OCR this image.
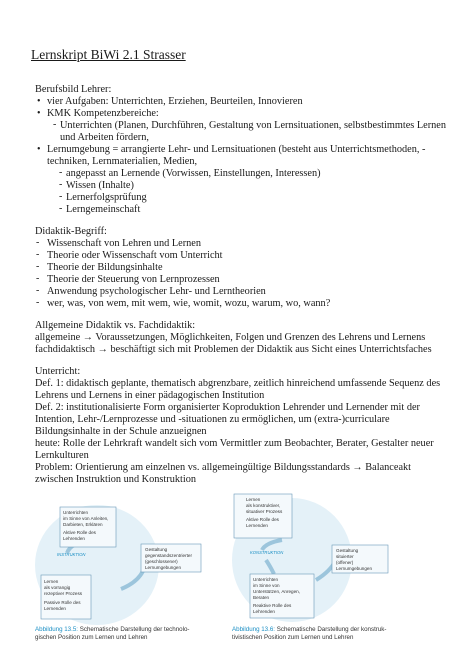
Lernskript BiWi 2.1 Strasser
Berufsbild Lehrer:
• vier Aufgaben: Unterrichten, Erziehen, Beurteilen, Innovieren
• KMK Kompetenzbereiche:
- Unterrichten (Planen, Durchführen, Gestaltung von Lernsituationen, selbstbestimmtes Lernen
und Arbeiten fördern,
• Lernumgebung = arrangierte Lehr- und Lernsituationen (besteht aus Unterrichtsmethoden, -
techniken, Lernmaterialien, Medien,
- angepasst an Lernende (Vorwissen, Einstellungen, Interessen)
- Wissen (Inhalte)
- Lernerfolgsprüfung
- Lerngemeinschaft
Didaktik-Begriff:
- Wissenschaft von Lehren und Lernen
- Theorie oder Wissenschaft vom Unterricht
- Theorie der Bildungsinhalte
- Theorie der Steuerung von Lernprozessen
- Anwendung psychologischer Lehr- und Lerntheorien
- wer, was, von wem, mit wem, wie, womit, wozu, warum, wo, wann?
Allgemeine Didaktik vs. Fachdidaktik:
allgemeine → Voraussetzungen, Möglichkeiten, Folgen und Grenzen des Lehrens und Lernens
fachdidaktisch → beschäftigt sich mit Problemen der Didaktik aus Sicht eines Unterrichtsfaches
Unterricht:
Def. 1: didaktisch geplante, thematisch abgrenzbare, zeitlich hinreichend umfassende Sequenz des
Lehrens und Lernens in einer pädagogischen Institution
Def. 2: institutionalisierte Form organisierter Koproduktion Lehrender und Lernender mit der
Intention, Lehr-/Lernprozesse und -situationen zu ermöglichen, um (extra-)curriculare
Bildungsinhalte in der Schule anzueignen
heute: Rolle der Lehrkraft wandelt sich vom Vermittler zum Beobachter, Berater, Gestalter neuer
Lernkulturen
Problem: Orientierung am einzelnen vs. allgemeingültige Bildungsstandards → Balanceakt
zwischen Instruktion und Konstruktion
Unterrichten im Sinne von Anleiten, Darbieten, Erklären Aktive Rolle des Lehrenden
INSTRUKTION
Gestaltung gegenstandszentrierter (geschlossener) Lernumgebungen
Lernen als vorrangig rezeptiver Prozess Passive Rolle des Lernenden
Abbildung 13.5: Schematische Darstellung der technolo-
gischen Position zum Lernen und Lehren
Lernen als konstruktiver, situativer Prozess Aktive Rolle des Lernenden
KONSTRUKTION	Gestaltung situierter (offener) Lernumgebungen
Unterrichten im Sinne von Unterstützen, Anregen, Beraten Reaktive Rolle des Lehrenden
Abbildung 13.6: Schematische Darstellung der konstruk-
tivistischen Position zum Lernen und Lehren
